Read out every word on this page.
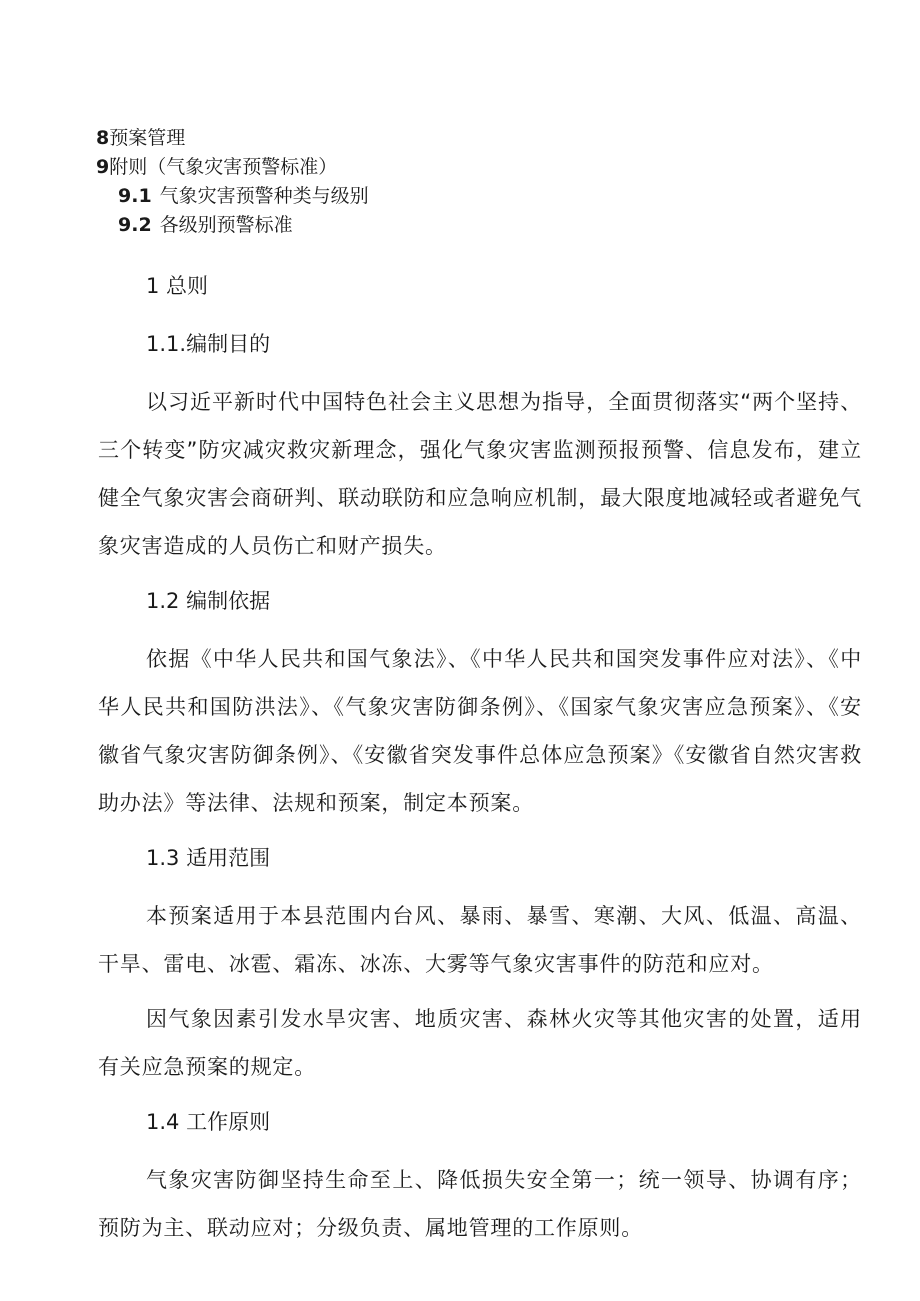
8预案管理
9附则（气象灾害预警标准）
9.1 气象灾害预警种类与级别
9.2 各级别预警标准

1 总则

1.1.编制目的

以习近平新时代中国特色社会主义思想为指导，全面贯彻落实“两个坚持、三个转变”防灾减灾救灾新理念，强化气象灾害监测预报预警、信息发布，建立健全气象灾害会商研判、联动联防和应急响应机制，最大限度地减轻或者避免气象灾害造成的人员伤亡和财产损失。

1.2 编制依据

依据《中华人民共和国气象法》、《中华人民共和国突发事件应对法》、《中华人民共和国防洪法》、《气象灾害防御条例》、《国家气象灾害应急预案》、《安徽省气象灾害防御条例》、《安徽省突发事件总体应急预案》《安徽省自然灾害救助办法》等法律、法规和预案，制定本预案。

1.3 适用范围

本预案适用于本县范围内台风、暴雨、暴雪、寒潮、大风、低温、高温、干旱、雷电、冰雹、霜冻、冰冻、大雾等气象灾害事件的防范和应对。

因气象因素引发水旱灾害、地质灾害、森林火灾等其他灾害的处置，适用有关应急预案的规定。

1.4 工作原则

气象灾害防御坚持生命至上、降低损失安全第一；统一领导、协调有序；预防为主、联动应对；分级负责、属地管理的工作原则。
